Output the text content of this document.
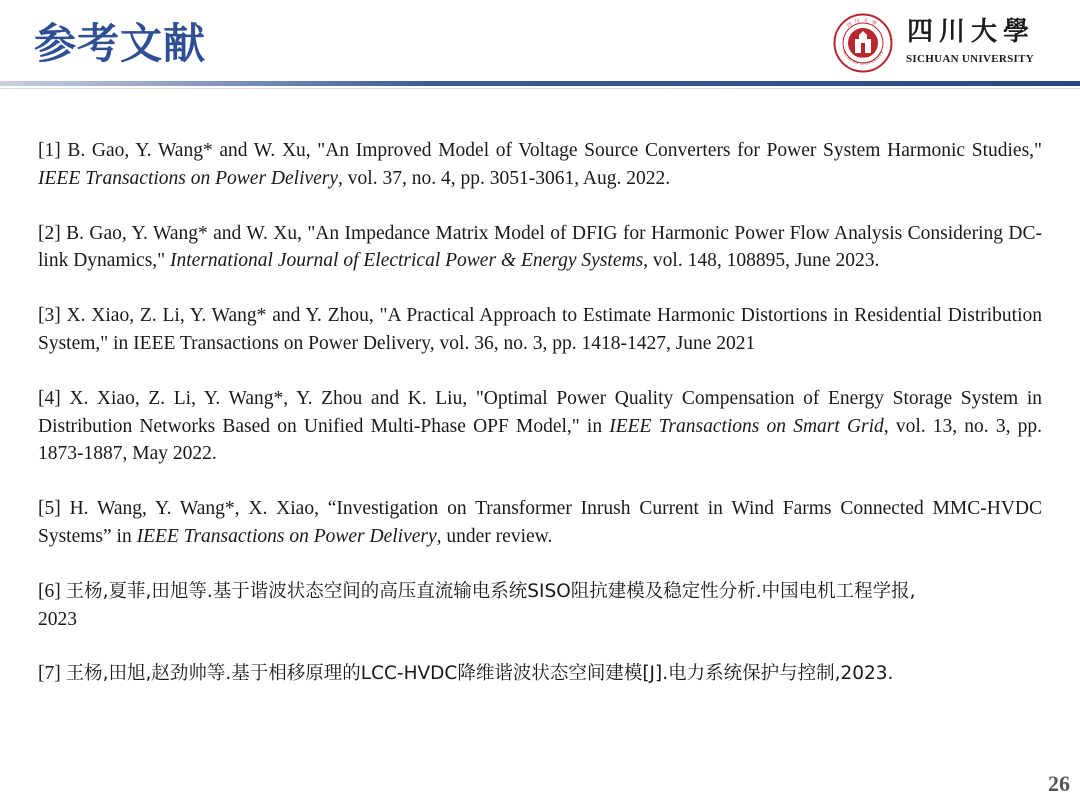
参考文献	四川大學
SICHUAN UNIVERSITY
1896
四川大學
SICHUAN UNIVERSITY

[1] B. Gao, Y. Wang* and W. Xu, "An Improved Model of Voltage Source Converters for Power System Harmonic Studies," IEEE Transactions on Power Delivery, vol. 37, no. 4, pp. 3051-3061, Aug. 2022.

[2] B. Gao, Y. Wang* and W. Xu, "An Impedance Matrix Model of DFIG for Harmonic Power Flow Analysis Considering DC-link Dynamics," International Journal of Electrical Power & Energy Systems, vol. 148, 108895, June 2023.

[3] X. Xiao, Z. Li, Y. Wang* and Y. Zhou, "A Practical Approach to Estimate Harmonic Distortions in Residential Distribution System," in IEEE Transactions on Power Delivery, vol. 36, no. 3, pp. 1418-1427, June 2021

[4] X. Xiao, Z. Li, Y. Wang*, Y. Zhou and K. Liu, "Optimal Power Quality Compensation of Energy Storage System in Distribution Networks Based on Unified Multi-Phase OPF Model," in IEEE Transactions on Smart Grid, vol. 13, no. 3, pp. 1873-1887, May 2022.

[5] H. Wang, Y. Wang*, X. Xiao, “Investigation on Transformer Inrush Current in Wind Farms Connected MMC-HVDC Systems” in IEEE Transactions on Power Delivery, under review.

[6] 王杨,夏菲,田旭等.基于谐波状态空间的高压直流输电系统SISO阻抗建模及稳定性分析.中国电机工程学报,
2023

[7] 王杨,田旭,赵劲帅等.基于相移原理的LCC-HVDC降维谐波状态空间建模[J].电力系统保护与控制,2023.

26
